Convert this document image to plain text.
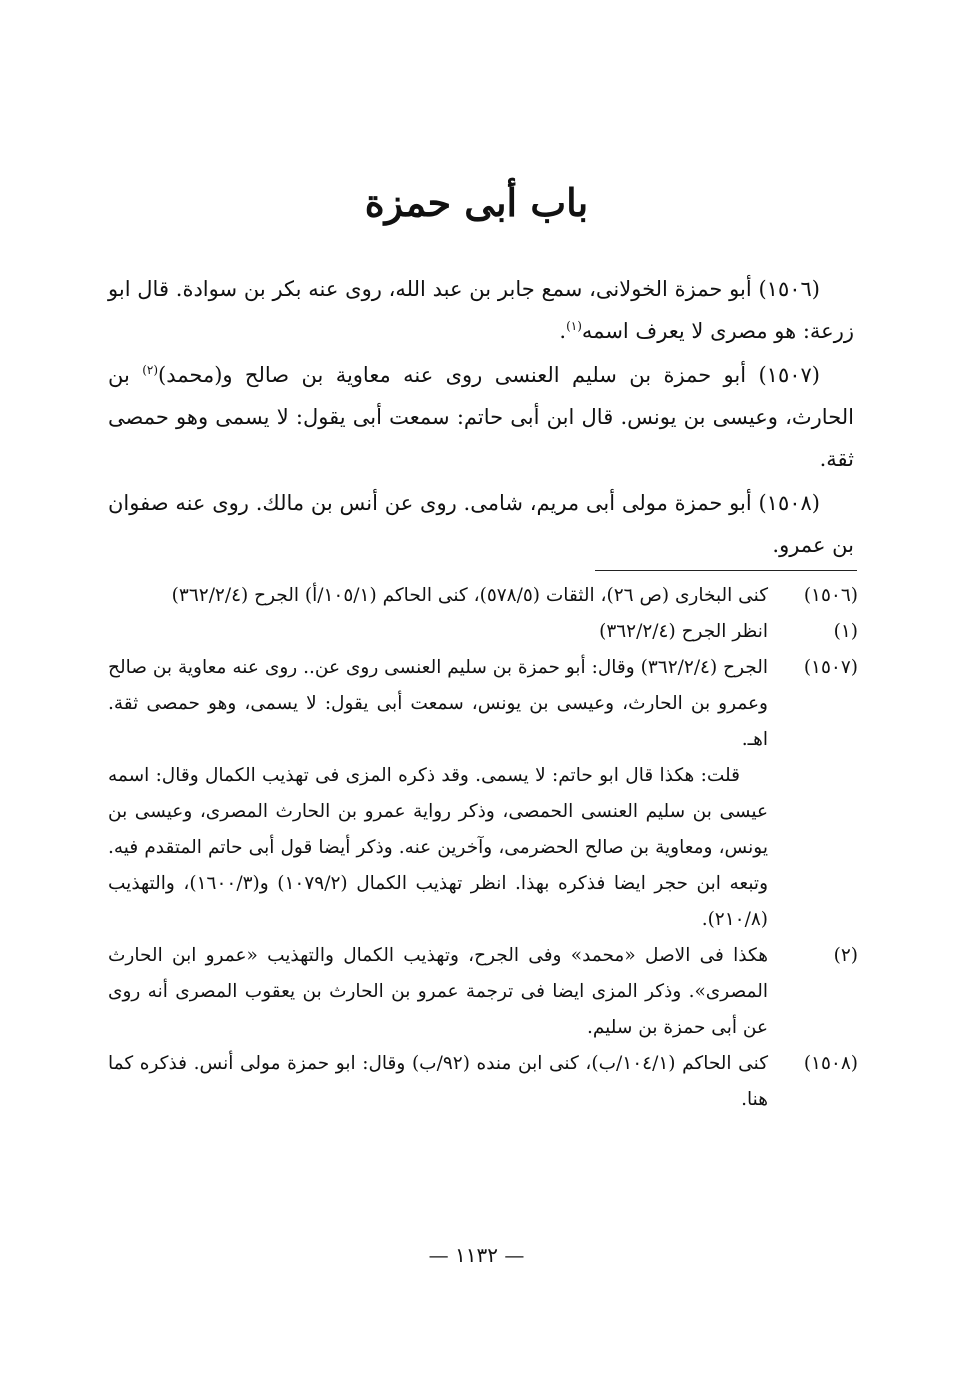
باب أبى حمزة

(١٥٠٦) أبو حمزة الخولانى، سمع جابر بن عبد الله، روى عنه بكر بن سوادة. قال ابو زرعة: هو مصرى لا يعرف اسمه$^{(١)}$.

(١٥٠٧) أبو حمزة بن سليم العنسى روى عنه معاوية بن صالح و(محمد)$^{(٢)}$ بن الحارث، وعيسى بن يونس. قال ابن أبى حاتم: سمعت أبى يقول: لا يسمى وهو حمصى ثقة.

(١٥٠٨) أبو حمزة مولى أبى مريم، شامى. روى عن أنس بن مالك. روى عنه صفوان بن عمرو.

(١٥٠٦)

كنى البخارى (ص ٢٦)، الثقات (٥٧٨/٥)، كنى الحاكم (١٠٥/١/أ) الجرح (٣٦٢/٢/٤)

(١)

انظر الجرح (٣٦٢/٢/٤)

(١٥٠٧)

الجرح (٣٦٢/٢/٤) وقال: أبو حمزة بن سليم العنسى روى عن.. روى عنه معاوية بن صالح وعمرو بن الحارث، وعيسى بن يونس، سمعت أبى يقول: لا يسمى، وهو حمصى ثقة. اهـ.

قلت: هكذا قال ابو حاتم: لا يسمى. وقد ذكره المزى فى تهذيب الكمال وقال: اسمه عيسى بن سليم العنسى الحمصى، وذكر رواية عمرو بن الحارث المصرى، وعيسى بن يونس، ومعاوية بن صالح الحضرمى، وآخرين عنه. وذكر أيضا قول أبى حاتم المتقدم فيه. وتبعه ابن حجر ايضا فذكره بهذا. انظر تهذيب الكمال (١٠٧٩/٢) و(١٦٠٠/٣)، والتهذيب (٢١٠/٨).

(٢)

هكذا فى الاصل «محمد» وفى الجرح، وتهذيب الكمال والتهذيب «عمرو ابن الحارث المصرى». وذكر المزى ايضا فى ترجمة عمرو بن الحارث بن يعقوب المصرى أنه روى عن أبى حمزة بن سليم.

(١٥٠٨)

كنى الحاكم (١٠٤/١/ب)، كنى ابن منده (٩٢/ب) وقال: ابو حمزة مولى أنس. فذكره كما هنا.

— ١١٣٢ —
